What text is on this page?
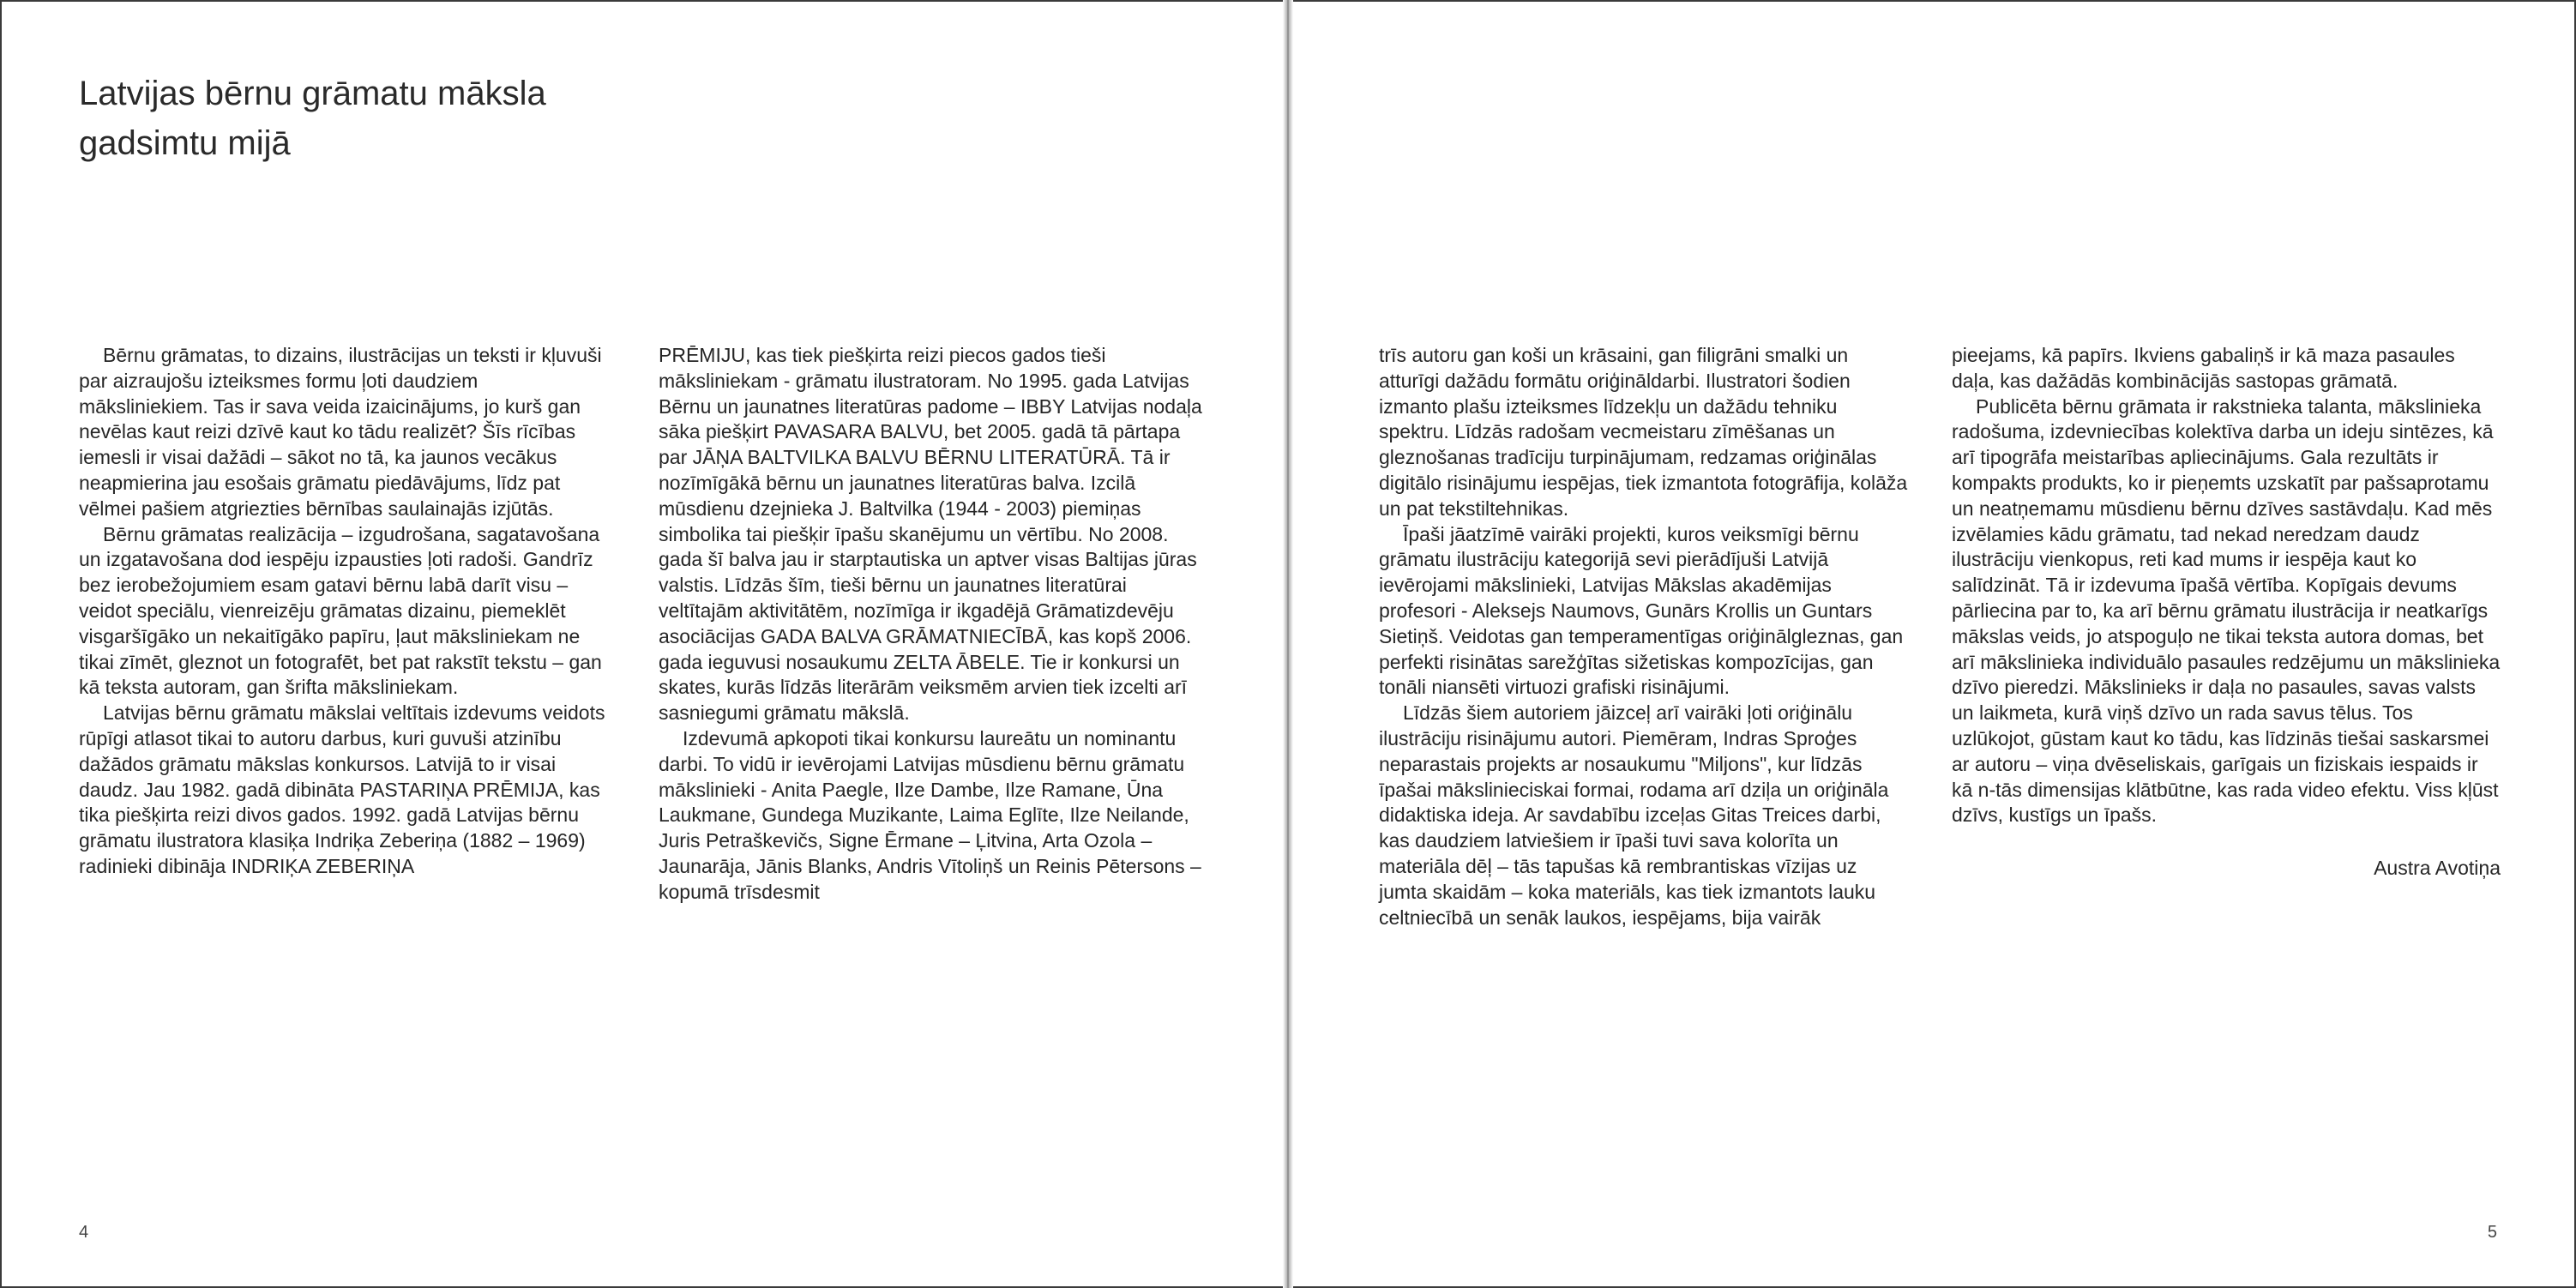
Latvijas bērnu grāmatu māksla
gadsimtu mijā

Bērnu grāmatas, to dizains, ilustrācijas un teksti ir kļuvuši par aizraujošu izteiksmes formu ļoti daudziem māksliniekiem. Tas ir sava veida izaicinājums, jo kurš gan nevēlas kaut reizi dzīvē kaut ko tādu realizēt? Šīs rīcības iemesli ir visai dažādi – sākot no tā, ka jaunos vecākus neapmierina jau esošais grāmatu piedāvājums, līdz pat vēlmei pašiem atgriezties bērnības saulainajās izjūtās.

Bērnu grāmatas realizācija – izgudrošana, sagatavošana un izgatavošana dod iespēju izpausties ļoti radoši. Gandrīz bez ierobežojumiem esam gatavi bērnu labā darīt visu – veidot speciālu, vienreizēju grāmatas dizainu, piemeklēt visgaršīgāko un nekaitīgāko papīru, ļaut māksliniekam ne tikai zīmēt, gleznot un fotografēt, bet pat rakstīt tekstu – gan kā teksta autoram, gan šrifta māksliniekam.

Latvijas bērnu grāmatu mākslai veltītais izdevums veidots rūpīgi atlasot tikai to autoru darbus, kuri guvuši atzinību dažādos grāmatu mākslas konkursos. Latvijā to ir visai daudz. Jau 1982. gadā dibināta PASTARIŅA PRĒMIJA, kas tika piešķirta reizi divos gados. 1992. gadā Latvijas bērnu grāmatu ilustratora klasiķa Indriķa Zeberiņa (1882 – 1969) radinieki dibināja INDRIĶA ZEBERIŅA

PRĒMIJU, kas tiek piešķirta reizi piecos gados tieši māksliniekam - grāmatu ilustratoram. No 1995. gada Latvijas Bērnu un jaunatnes literatūras padome – IBBY Latvijas nodaļa sāka piešķirt PAVASARA BALVU, bet 2005. gadā tā pārtapa par JĀŅA BALTVILKA BALVU BĒRNU LITERATŪRĀ. Tā ir nozīmīgākā bērnu un jaunatnes literatūras balva. Izcilā mūsdienu dzejnieka J. Baltvilka (1944 - 2003) piemiņas simbolika tai piešķir īpašu skanējumu un vērtību. No 2008. gada šī balva jau ir starptautiska un aptver visas Baltijas jūras valstis. Līdzās šīm, tieši bērnu un jaunatnes literatūrai veltītajām aktivitātēm, nozīmīga ir ikgadējā Grāmatizdevēju asociācijas GADA BALVA GRĀMATNIECĪBĀ, kas kopš 2006. gada ieguvusi nosaukumu ZELTA ĀBELE. Tie ir konkursi un skates, kurās līdzās literārām veiksmēm arvien tiek izcelti arī sasniegumi grāmatu mākslā.

Izdevumā apkopoti tikai konkursu laureātu un nominantu darbi. To vidū ir ievērojami Latvijas mūsdienu bērnu grāmatu mākslinieki - Anita Paegle, Ilze Dambe, Ilze Ramane, Ūna Laukmane, Gundega Muzikante, Laima Eglīte, Ilze Neilande, Juris Petraškevičs, Signe Ērmane – Ļitvina, Arta Ozola – Jaunarāja, Jānis Blanks, Andris Vītoliņš un Reinis Pētersons – kopumā trīsdesmit

4

trīs autoru gan koši un krāsaini, gan filigrāni smalki un atturīgi dažādu formātu oriģināldarbi. Ilustratori šodien izmanto plašu izteiksmes līdzekļu un dažādu tehniku spektru. Līdzās radošam vecmeistaru zīmēšanas un gleznošanas tradīciju turpinājumam, redzamas oriģinālas digitālo risinājumu iespējas, tiek izmantota fotogrāfija, kolāža un pat tekstiltehnikas.

Īpaši jāatzīmē vairāki projekti, kuros veiksmīgi bērnu grāmatu ilustrāciju kategorijā sevi pierādījuši Latvijā ievērojami mākslinieki, Latvijas Mākslas akadēmijas profesori - Aleksejs Naumovs, Gunārs Krollis un Guntars Sietiņš. Veidotas gan temperamentīgas oriģinālgleznas, gan perfekti risinātas sarežģītas sižetiskas kompozīcijas, gan tonāli niansēti virtuozi grafiski risinājumi.

Līdzās šiem autoriem jāizceļ arī vairāki ļoti oriģinālu ilustrāciju risinājumu autori. Piemēram, Indras Sproģes neparastais projekts ar nosaukumu "Miljons", kur līdzās īpašai mākslinieciskai formai, rodama arī dziļa un oriģināla didaktiska ideja. Ar savdabību izceļas Gitas Treices darbi, kas daudziem latviešiem ir īpaši tuvi sava kolorīta un materiāla dēļ – tās tapušas kā rembrantiskas vīzijas uz jumta skaidām – koka materiāls, kas tiek izmantots lauku celtniecībā un senāk laukos, iespējams, bija vairāk

pieejams, kā papīrs. Ikviens gabaliņš ir kā maza pasaules daļa, kas dažādās kombinācijās sastopas grāmatā.

Publicēta bērnu grāmata ir rakstnieka talanta, mākslinieka radošuma, izdevniecības kolektīva darba un ideju sintēzes, kā arī tipogrāfa meistarības apliecinājums. Gala rezultāts ir kompakts produkts, ko ir pieņemts uzskatīt par pašsaprotamu un neatņemamu mūsdienu bērnu dzīves sastāvdaļu. Kad mēs izvēlamies kādu grāmatu, tad nekad neredzam daudz ilustrāciju vienkopus, reti kad mums ir iespēja kaut ko salīdzināt. Tā ir izdevuma īpašā vērtība. Kopīgais devums pārliecina par to, ka arī bērnu grāmatu ilustrācija ir neatkarīgs mākslas veids, jo atspoguļo ne tikai teksta autora domas, bet arī mākslinieka individuālo pasaules redzējumu un mākslinieka dzīvo pieredzi. Mākslinieks ir daļa no pasaules, savas valsts un laikmeta, kurā viņš dzīvo un rada savus tēlus. Tos uzlūkojot, gūstam kaut ko tādu, kas līdzinās tiešai saskarsmei ar autoru – viņa dvēseliskais, garīgais un fiziskais iespaids ir kā n-tās dimensijas klātbūtne, kas rada video efektu. Viss kļūst dzīvs, kustīgs un īpašs.

Austra Avotiņa

5
